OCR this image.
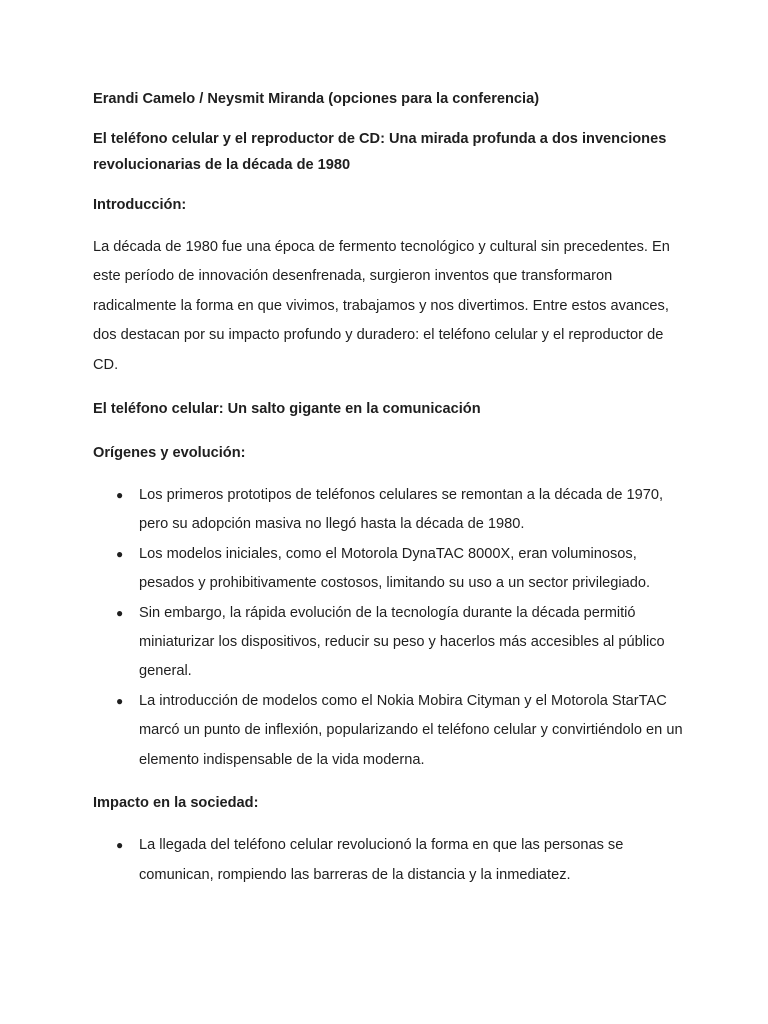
Erandi Camelo / Neysmit Miranda (opciones para la conferencia)

El teléfono celular y el reproductor de CD: Una mirada profunda a dos invenciones revolucionarias de la década de 1980

Introducción:

La década de 1980 fue una época de fermento tecnológico y cultural sin precedentes. En este período de innovación desenfrenada, surgieron inventos que transformaron radicalmente la forma en que vivimos, trabajamos y nos divertimos. Entre estos avances, dos destacan por su impacto profundo y duradero: el teléfono celular y el reproductor de CD.

El teléfono celular: Un salto gigante en la comunicación

Orígenes y evolución:

● Los primeros prototipos de teléfonos celulares se remontan a la década de 1970, pero su adopción masiva no llegó hasta la década de 1980.
● Los modelos iniciales, como el Motorola DynaTAC 8000X, eran voluminosos, pesados y prohibitivamente costosos, limitando su uso a un sector privilegiado.
● Sin embargo, la rápida evolución de la tecnología durante la década permitió miniaturizar los dispositivos, reducir su peso y hacerlos más accesibles al público general.
● La introducción de modelos como el Nokia Mobira Cityman y el Motorola StarTAC marcó un punto de inflexión, popularizando el teléfono celular y convirtiéndolo en un elemento indispensable de la vida moderna.

Impacto en la sociedad:

● La llegada del teléfono celular revolucionó la forma en que las personas se comunican, rompiendo las barreras de la distancia y la inmediatez.
